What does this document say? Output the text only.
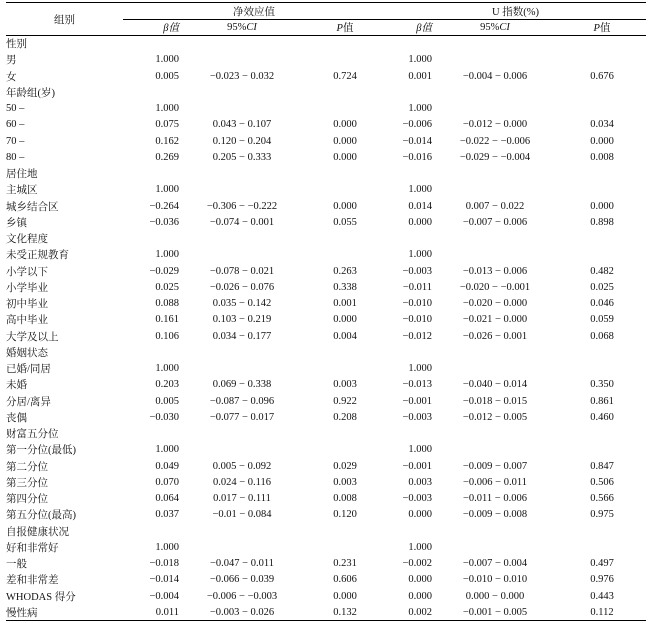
组别	净效应值			U 指数(%)		
	β值	95%CI	P值	β值	95%CI	P值
性别						
男	1.000			1.000		
女	0.005	−0.023 − 0.032	0.724	0.001	−0.004 − 0.006	0.676
年龄组(岁)						
50 –	1.000			1.000		
60 –	0.075	0.043 − 0.107	0.000	−0.006	−0.012 − 0.000	0.034
70 –	0.162	0.120 − 0.204	0.000	−0.014	−0.022 − −0.006	0.000
80 –	0.269	0.205 − 0.333	0.000	−0.016	−0.029 − −0.004	0.008
居住地						
主城区	1.000			1.000		
城乡结合区	−0.264	−0.306 − −0.222	0.000	0.014	0.007 − 0.022	0.000
乡镇	−0.036	−0.074 − 0.001	0.055	0.000	−0.007 − 0.006	0.898
文化程度						
未受正规教育	1.000			1.000		
小学以下	−0.029	−0.078 − 0.021	0.263	−0.003	−0.013 − 0.006	0.482
小学毕业	0.025	−0.026 − 0.076	0.338	−0.011	−0.020 − −0.001	0.025
初中毕业	0.088	0.035 − 0.142	0.001	−0.010	−0.020 − 0.000	0.046
高中毕业	0.161	0.103 − 0.219	0.000	−0.010	−0.021 − 0.000	0.059
大学及以上	0.106	0.034 − 0.177	0.004	−0.012	−0.026 − 0.001	0.068
婚姻状态						
已婚/同居	1.000			1.000		
未婚	0.203	0.069 − 0.338	0.003	−0.013	−0.040 − 0.014	0.350
分居/离异	0.005	−0.087 − 0.096	0.922	−0.001	−0.018 − 0.015	0.861
丧偶	−0.030	−0.077 − 0.017	0.208	−0.003	−0.012 − 0.005	0.460
财富五分位						
第一分位(最低)	1.000			1.000		
第二分位	0.049	0.005 − 0.092	0.029	−0.001	−0.009 − 0.007	0.847
第三分位	0.070	0.024 − 0.116	0.003	0.003	−0.006 − 0.011	0.506
第四分位	0.064	0.017 − 0.111	0.008	−0.003	−0.011 − 0.006	0.566
第五分位(最高)	0.037	−0.01 − 0.084	0.120	0.000	−0.009 − 0.008	0.975
自报健康状况						
好和非常好	1.000			1.000		
一般	−0.018	−0.047 − 0.011	0.231	−0.002	−0.007 − 0.004	0.497
差和非常差	−0.014	−0.066 − 0.039	0.606	0.000	−0.010 − 0.010	0.976
WHODAS 得分	−0.004	−0.006 − −0.003	0.000	0.000	0.000 − 0.000	0.443
慢性病	0.011	−0.003 − 0.026	0.132	0.002	−0.001 − 0.005	0.112
